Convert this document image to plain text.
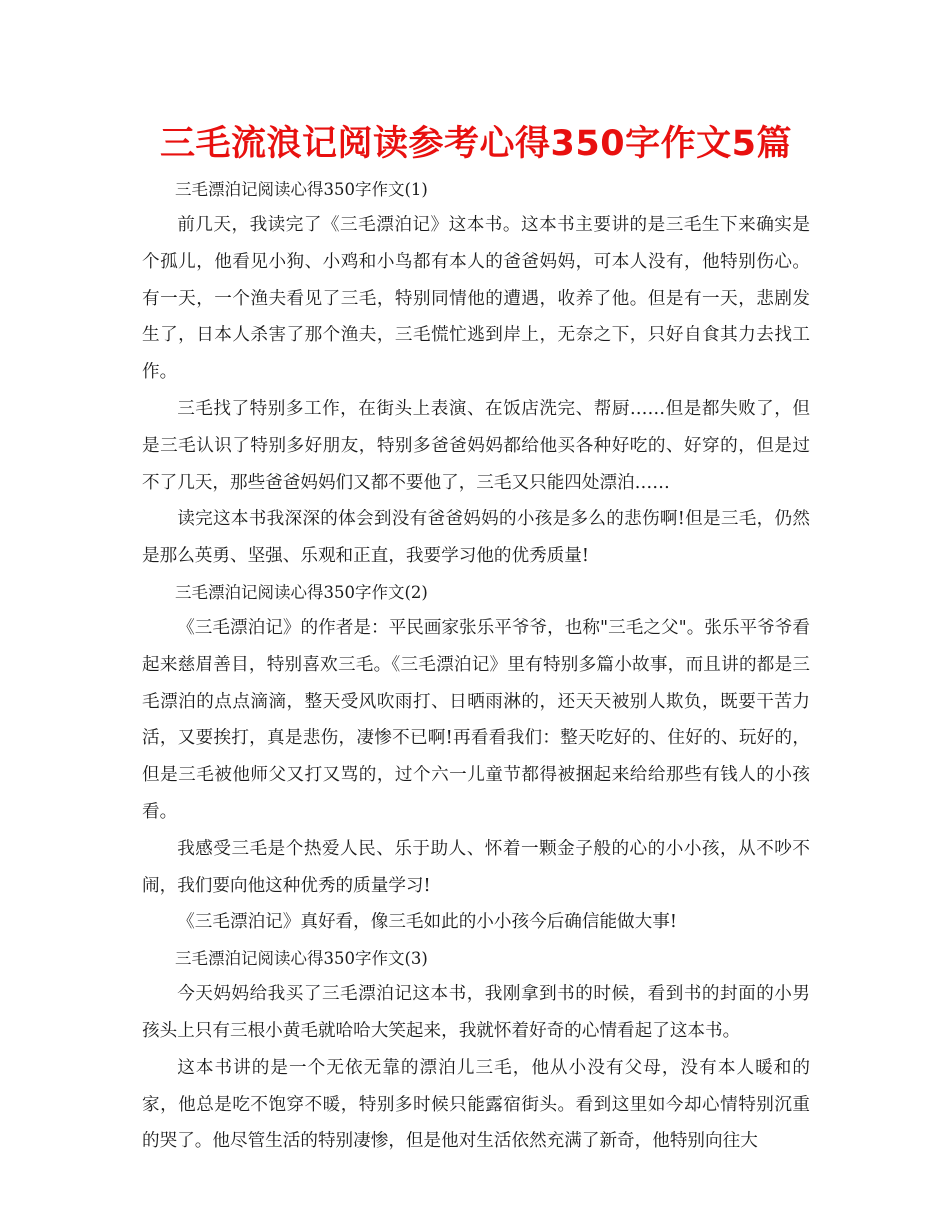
三毛流浪记阅读参考心得350字作文5篇

三毛漂泊记阅读心得350字作文(1)

前几天，我读完了《三毛漂泊记》这本书。这本书主要讲的是三毛生下来确实是个孤儿，他看见小狗、小鸡和小鸟都有本人的爸爸妈妈，可本人没有，他特别伤心。有一天，一个渔夫看见了三毛，特别同情他的遭遇，收养了他。但是有一天，悲剧发生了，日本人杀害了那个渔夫，三毛慌忙逃到岸上，无奈之下，只好自食其力去找工作。

三毛找了特别多工作，在街头上表演、在饭店洗完、帮厨……但是都失败了，但是三毛认识了特别多好朋友，特别多爸爸妈妈都给他买各种好吃的、好穿的，但是过不了几天，那些爸爸妈妈们又都不要他了，三毛又只能四处漂泊……

读完这本书我深深的体会到没有爸爸妈妈的小孩是多么的悲伤啊!但是三毛，仍然是那么英勇、坚强、乐观和正直，我要学习他的优秀质量!

三毛漂泊记阅读心得350字作文(2)

《三毛漂泊记》的作者是：平民画家张乐平爷爷，也称"三毛之父"。张乐平爷爷看起来慈眉善目，特别喜欢三毛。《三毛漂泊记》里有特别多篇小故事，而且讲的都是三毛漂泊的点点滴滴，整天受风吹雨打、日晒雨淋的，还天天被别人欺负，既要干苦力活，又要挨打，真是悲伤，凄惨不已啊!再看看我们：整天吃好的、住好的、玩好的，但是三毛被他师父又打又骂的，过个六一儿童节都得被捆起来给给那些有钱人的小孩看。

我感受三毛是个热爱人民、乐于助人、怀着一颗金子般的心的小小孩，从不吵不闹，我们要向他这种优秀的质量学习!

《三毛漂泊记》真好看，像三毛如此的小小孩今后确信能做大事!

三毛漂泊记阅读心得350字作文(3)

今天妈妈给我买了三毛漂泊记这本书，我刚拿到书的时候，看到书的封面的小男孩头上只有三根小黄毛就哈哈大笑起来，我就怀着好奇的心情看起了这本书。

这本书讲的是一个无依无靠的漂泊儿三毛，他从小没有父母，没有本人暖和的家，他总是吃不饱穿不暖，特别多时候只能露宿街头。看到这里如今却心情特别沉重的哭了。他尽管生活的特别凄惨，但是他对生活依然充满了新奇，他特别向往大
